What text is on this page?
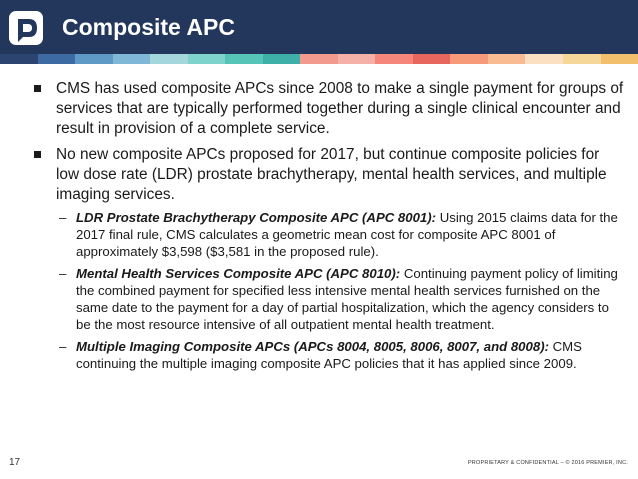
Composite APC
CMS has used composite APCs since 2008 to make a single payment for groups of services that are typically performed together during a single clinical encounter and result in provision of a complete service.
No new composite APCs proposed for 2017, but continue composite policies for low dose rate (LDR) prostate brachytherapy, mental health services, and multiple imaging services.
– LDR Prostate Brachytherapy Composite APC (APC 8001): Using 2015 claims data for the 2017 final rule, CMS calculates a geometric mean cost for composite APC 8001 of approximately $3,598 ($3,581 in the proposed rule).
– Mental Health Services Composite APC (APC 8010): Continuing payment policy of limiting the combined payment for specified less intensive mental health services furnished on the same date to the payment for a day of partial hospitalization, which the agency considers to be the most resource intensive of all outpatient mental health treatment.
– Multiple Imaging Composite APCs (APCs 8004, 8005, 8006, 8007, and 8008): CMS continuing the multiple imaging composite APC policies that it has applied since 2009.
17	PROPRIETARY & CONFIDENTIAL – © 2016 PREMIER, INC.
